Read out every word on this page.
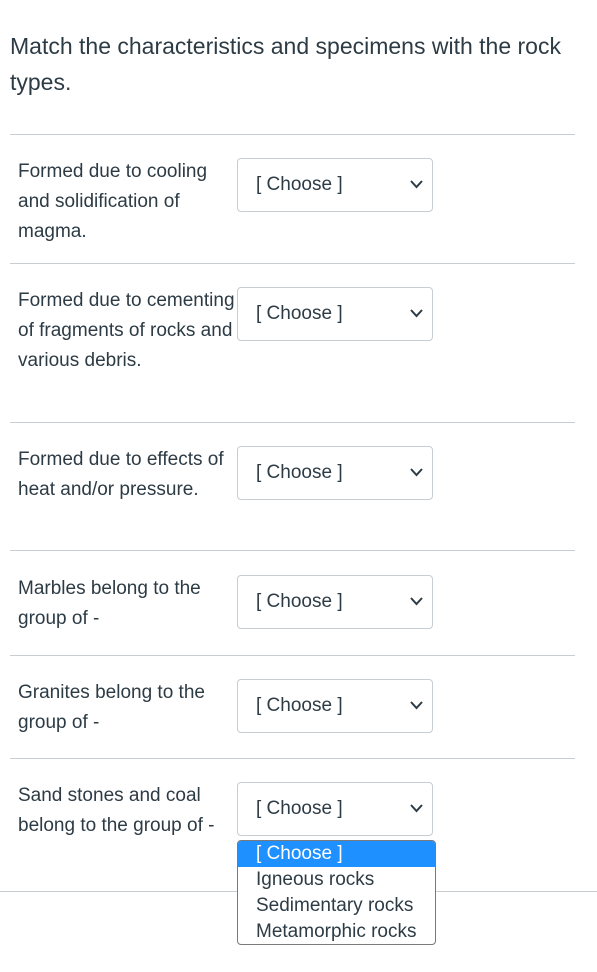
Match the characteristics and specimens with the rock types.
Formed due to cooling and solidification of magma.
[ Choose ]
Formed due to cementing of fragments of rocks and various debris.
[ Choose ]
Formed due to effects of heat and/or pressure.
[ Choose ]
Marbles belong to the group of -
[ Choose ]
Granites belong to the group of -
[ Choose ]
Sand stones and coal belong to the group of -
[ Choose ]
[ Choose ]
Igneous rocks
Sedimentary rocks
Metamorphic rocks
